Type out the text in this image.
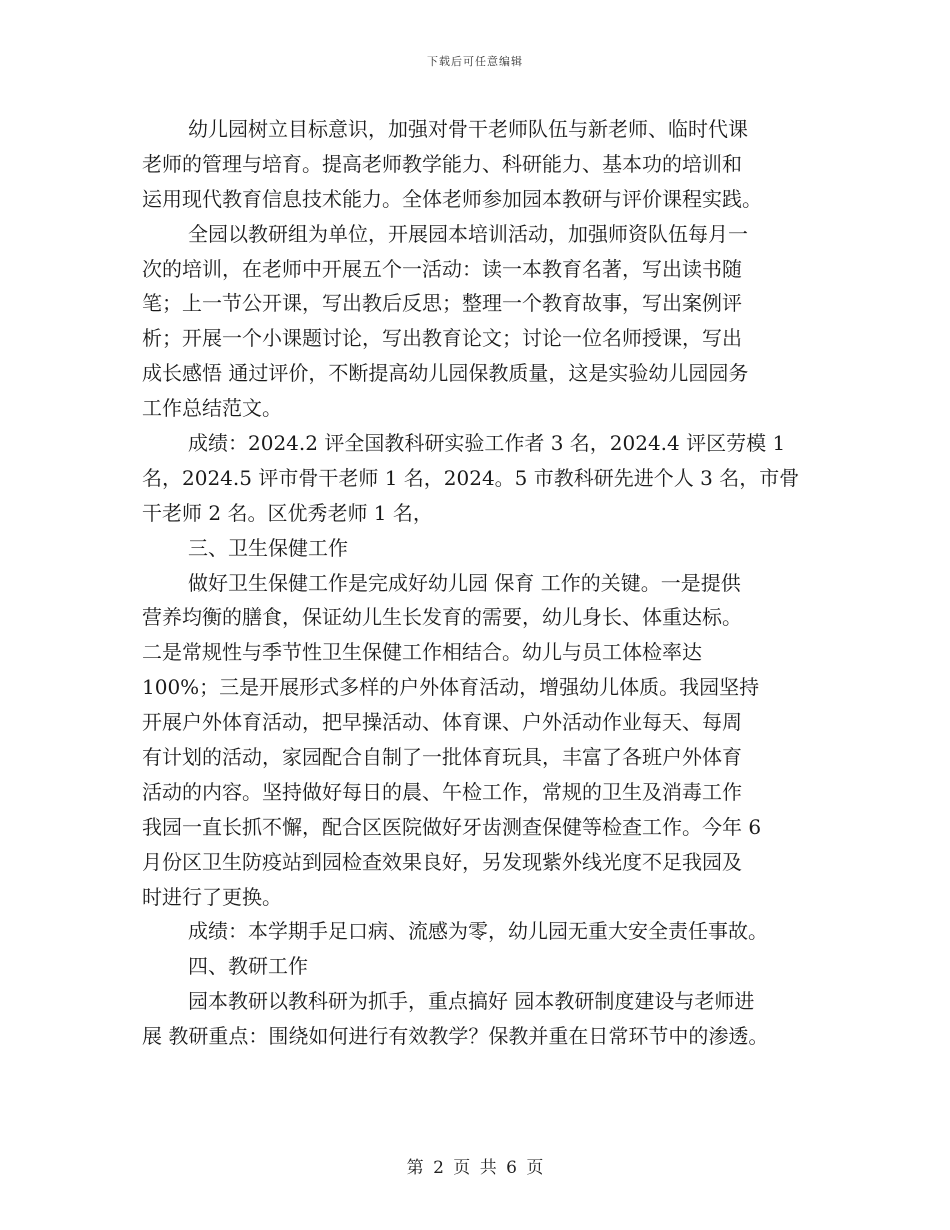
下载后可任意编辑
幼儿园树立目标意识，加强对骨干老师队伍与新老师、临时代课
老师的管理与培育。提高老师教学能力、科研能力、基本功的培训和
运用现代教育信息技术能力。全体老师参加园本教研与评价课程实践。
全园以教研组为单位，开展园本培训活动，加强师资队伍每月一
次的培训，在老师中开展五个一活动：读一本教育名著，写出读书随
笔；上一节公开课，写出教后反思；整理一个教育故事，写出案例评
析；开展一个小课题讨论，写出教育论文；讨论一位名师授课，写出
成长感悟 通过评价，不断提高幼儿园保教质量，这是实验幼儿园园务
工作总结范文。
成绩：2024.2 评全国教科研实验工作者 3 名，2024.4 评区劳模 1
名，2024.5 评市骨干老师 1 名，2024。5 市教科研先进个人 3 名，市骨
干老师 2 名。区优秀老师 1 名，
三、卫生保健工作
做好卫生保健工作是完成好幼儿园 保育 工作的关键。一是提供
营养均衡的膳食，保证幼儿生长发育的需要，幼儿身长、体重达标。
二是常规性与季节性卫生保健工作相结合。幼儿与员工体检率达
100%；三是开展形式多样的户外体育活动，增强幼儿体质。我园坚持
开展户外体育活动，把早操活动、体育课、户外活动作业每天、每周
有计划的活动，家园配合自制了一批体育玩具，丰富了各班户外体育
活动的内容。坚持做好每日的晨、午检工作，常规的卫生及消毒工作
我园一直长抓不懈，配合区医院做好牙齿测查保健等检查工作。今年 6
月份区卫生防疫站到园检查效果良好，另发现紫外线光度不足我园及
时进行了更换。
成绩：本学期手足口病、流感为零，幼儿园无重大安全责任事故。
四、教研工作
园本教研以教科研为抓手，重点搞好 园本教研制度建设与老师进
展 教研重点：围绕如何进行有效教学？保教并重在日常环节中的渗透。
第 2 页 共 6 页
